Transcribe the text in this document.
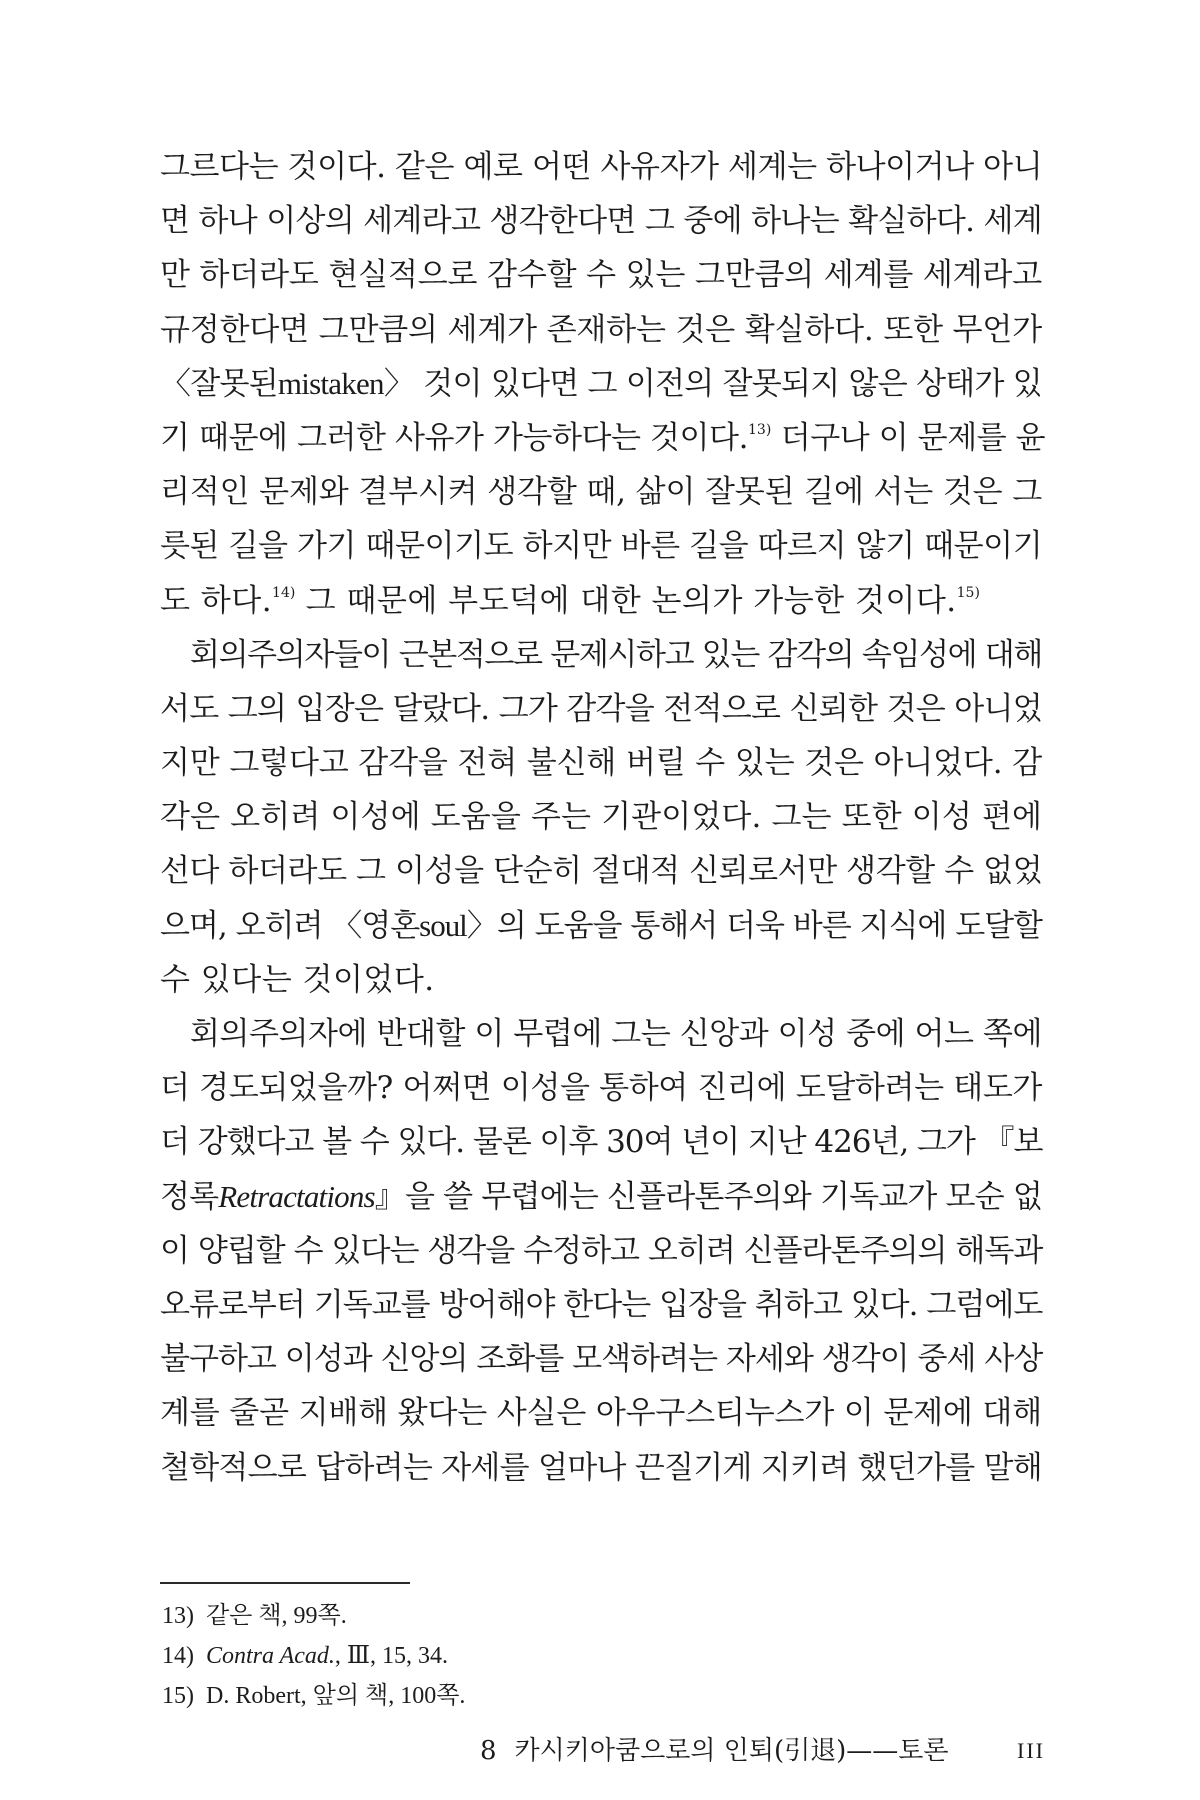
그르다는 것이다. 같은 예로 어떤 사유자가 세계는 하나이거나 아니
면 하나 이상의 세계라고 생각한다면 그 중에 하나는 확실하다. 세계
만 하더라도 현실적으로 감수할 수 있는 그만큼의 세계를 세계라고
규정한다면 그만큼의 세계가 존재하는 것은 확실하다. 또한 무언가
〈잘못된mistaken〉 것이 있다면 그 이전의 잘못되지 않은 상태가 있
기 때문에 그러한 사유가 가능하다는 것이다.$^{13)}$ 더구나 이 문제를 윤
리적인 문제와 결부시켜 생각할 때, 삶이 잘못된 길에 서는 것은 그
릇된 길을 가기 때문이기도 하지만 바른 길을 따르지 않기 때문이기
도 하다.$^{14)}$ 그 때문에 부도덕에 대한 논의가 가능한 것이다.$^{15)}$
회의주의자들이 근본적으로 문제시하고 있는 감각의 속임성에 대해
서도 그의 입장은 달랐다. 그가 감각을 전적으로 신뢰한 것은 아니었
지만 그렇다고 감각을 전혀 불신해 버릴 수 있는 것은 아니었다. 감
각은 오히려 이성에 도움을 주는 기관이었다. 그는 또한 이성 편에
선다 하더라도 그 이성을 단순히 절대적 신뢰로서만 생각할 수 없었
으며, 오히려 〈영혼soul〉의 도움을 통해서 더욱 바른 지식에 도달할
수 있다는 것이었다.
회의주의자에 반대할 이 무렵에 그는 신앙과 이성 중에 어느 쪽에
더 경도되었을까? 어쩌면 이성을 통하여 진리에 도달하려는 태도가
더 강했다고 볼 수 있다. 물론 이후 30여 년이 지난 426년, 그가 『보
정록Retractations』을 쓸 무렵에는 신플라톤주의와 기독교가 모순 없
이 양립할 수 있다는 생각을 수정하고 오히려 신플라톤주의의 해독과
오류로부터 기독교를 방어해야 한다는 입장을 취하고 있다. 그럼에도
불구하고 이성과 신앙의 조화를 모색하려는 자세와 생각이 중세 사상
계를 줄곧 지배해 왔다는 사실은 아우구스티누스가 이 문제에 대해
철학적으로 답하려는 자세를 얼마나 끈질기게 지키려 했던가를 말해
13) 같은 책, 99쪽.
14) Contra Acad., Ⅲ, 15, 34.
15) D. Robert, 앞의 책, 100쪽.
8 카시키아쿰으로의 인퇴(引退)——토론	III
